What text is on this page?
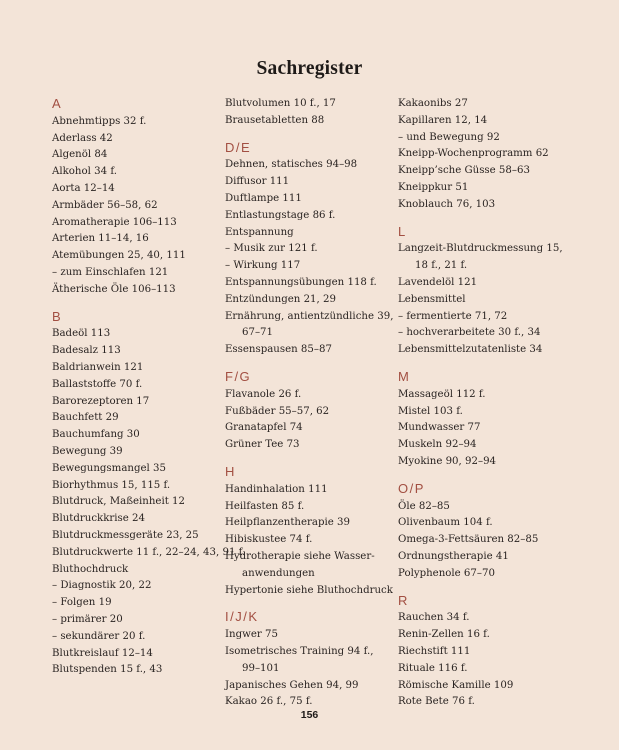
Sachregister
A
Abnehmtipps 32 f.
Aderlass 42
Algenöl 84
Alkohol 34 f.
Aorta 12–14
Armbäder 56–58, 62
Aromatherapie 106–113
Arterien 11–14, 16
Atemübungen 25, 40, 111
– zum Einschlafen 121
Ätherische Öle 106–113
B
Badeöl 113
Badesalz 113
Baldrianwein 121
Ballaststoffe 70 f.
Barorezeptoren 17
Bauchfett 29
Bauchumfang 30
Bewegung 39
Bewegungsmangel 35
Biorhythmus 15, 115 f.
Blutdruck, Maßeinheit 12
Blutdruckkrise 24
Blutdruckmessgeräte 23, 25
Blutdruckwerte 11 f., 22–24, 43, 91 f.
Bluthochdruck
– Diagnostik 20, 22
– Folgen 19
– primärer 20
– sekundärer 20 f.
Blutkreislauf 12–14
Blutspenden 15 f., 43
Blutvolumen 10 f., 17
Brausetabletten 88
D/E
Dehnen, statisches 94–98
Diffusor 111
Duftlampe 111
Entlastungstage 86 f.
Entspannung
– Musik zur 121 f.
– Wirkung 117
Entspannungsübungen 118 f.
Entzündungen 21, 29
Ernährung, antientzündliche 39,
67–71
Essenspausen 85–87
F/G
Flavanole 26 f.
Fußbäder 55–57, 62
Granatapfel 74
Grüner Tee 73
H
Handinhalation 111
Heilfasten 85 f.
Heilpflanzentherapie 39
Hibiskustee 74 f.
Hydrotherapie siehe Wasser-
anwendungen
Hypertonie siehe Bluthochdruck
I/J/K
Ingwer 75
Isometrisches Training 94 f.,
99–101
Japanisches Gehen 94, 99
Kakao 26 f., 75 f.
Kakaonibs 27
Kapillaren 12, 14
– und Bewegung 92
Kneipp-Wochenprogramm 62
Kneipp’sche Güsse 58–63
Kneippkur 51
Knoblauch 76, 103
L
Langzeit-Blutdruckmessung 15,
18 f., 21 f.
Lavendelöl 121
Lebensmittel
– fermentierte 71, 72
– hochverarbeitete 30 f., 34
Lebensmittelzutatenliste 34
M
Massageöl 112 f.
Mistel 103 f.
Mundwasser 77
Muskeln 92–94
Myokine 90, 92–94
O/P
Öle 82–85
Olivenbaum 104 f.
Omega-3-Fettsäuren 82–85
Ordnungstherapie 41
Polyphenole 67–70
R
Rauchen 34 f.
Renin-Zellen 16 f.
Riechstift 111
Rituale 116 f.
Römische Kamille 109
Rote Bete 76 f.
156
